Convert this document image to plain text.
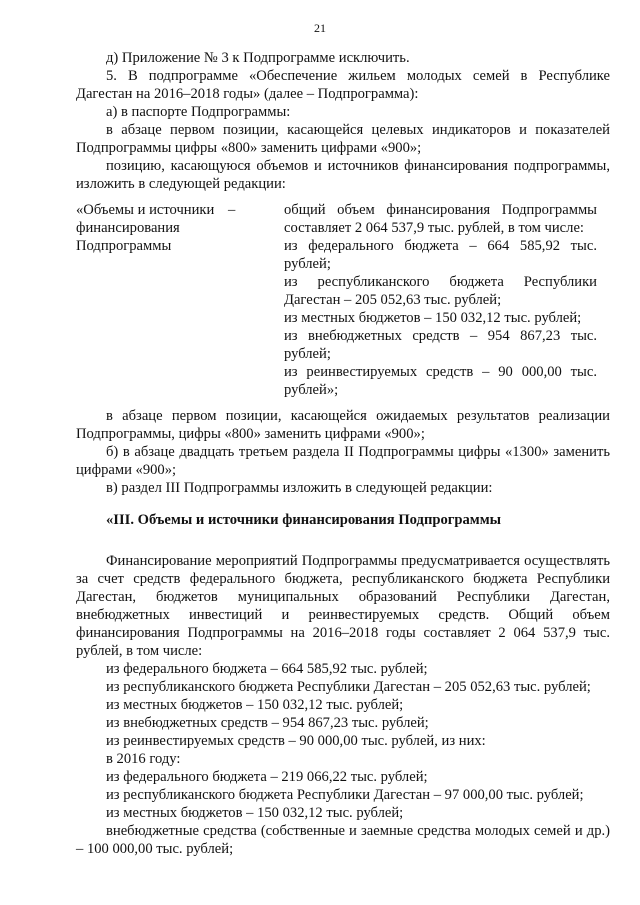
21

д) Приложение № 3 к Подпрограмме исключить.

5. В подпрограмме «Обеспечение жильем молодых семей в Республике Дагестан на 2016–2018 годы» (далее – Подпрограмма):

а) в паспорте Подпрограммы:

в абзаце первом позиции, касающейся целевых индикаторов и показателей Подпрограммы цифры «800» заменить цифрами «900»;

позицию, касающуюся объемов и источников финансирования подпрограммы, изложить в следующей редакции:

«Объемы и источники
финансирования
Подпрограммы
–	общий объем финансирования Подпрограммы составляет 2 064 537,9 тыс. рублей, в том числе:

из федерального бюджета – 664 585,92 тыс. рублей;

из республиканского бюджета Республики Дагестан – 205 052,63 тыс. рублей;

из местных бюджетов – 150 032,12 тыс. рублей;

из внебюджетных средств – 954 867,23 тыс. рублей;

из реинвестируемых средств – 90 000,00 тыс. рублей»;

в абзаце первом позиции, касающейся ожидаемых результатов реализации Подпрограммы, цифры «800» заменить цифрами «900»;

б) в абзаце двадцать третьем раздела II Подпрограммы цифры «1300» заменить цифрами «900»;

в) раздел III Подпрограммы изложить в следующей редакции:

«III. Объемы и источники финансирования Подпрограммы

Финансирование мероприятий Подпрограммы предусматривается осуществлять за счет средств федерального бюджета, республиканского бюджета Республики Дагестан, бюджетов муниципальных образований Республики Дагестан, внебюджетных инвестиций и реинвестируемых средств. Общий объем финансирования Подпрограммы на 2016–2018 годы составляет 2 064 537,9 тыс. рублей, в том числе:

из федерального бюджета – 664 585,92 тыс. рублей;

из республиканского бюджета Республики Дагестан – 205 052,63 тыс. рублей;

из местных бюджетов – 150 032,12 тыс. рублей;

из внебюджетных средств – 954 867,23 тыс. рублей;

из реинвестируемых средств – 90 000,00 тыс. рублей, из них:

в 2016 году:

из федерального бюджета – 219 066,22 тыс. рублей;

из республиканского бюджета Республики Дагестан – 97 000,00 тыс. рублей;

из местных бюджетов – 150 032,12 тыс. рублей;

внебюджетные средства (собственные и заемные средства молодых семей и др.) – 100 000,00 тыс. рублей;
